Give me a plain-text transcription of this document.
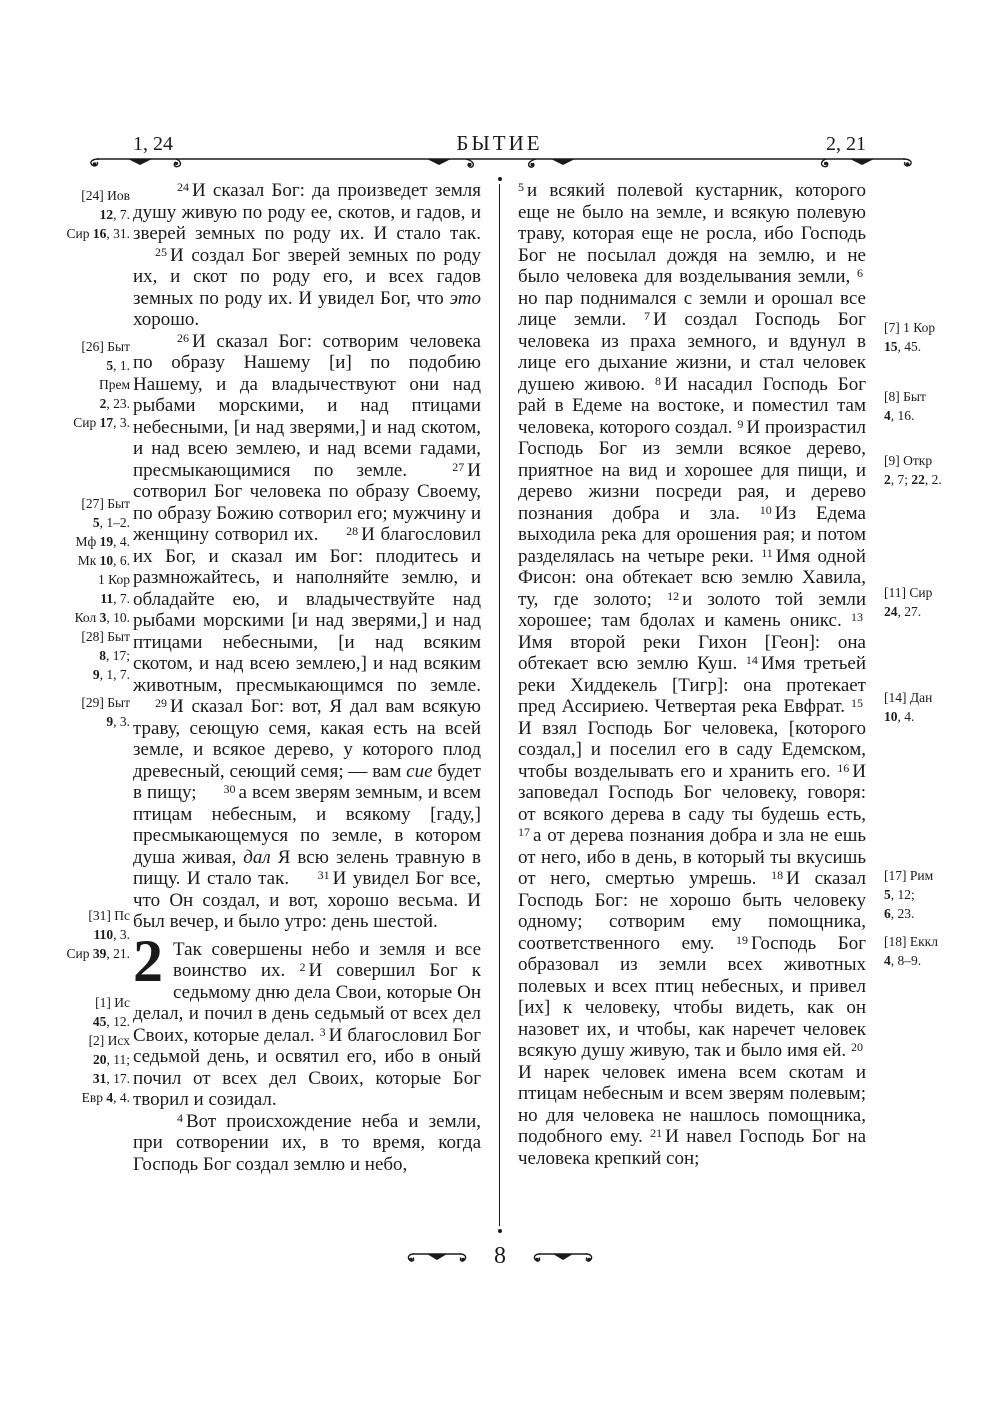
1, 24	БЫТИЕ	2, 21
[24] Иов
12, 7.
Сир 16, 31.
[26] Быт
5, 1.
Прем
2, 23.
Сир 17, 3.
[27] Быт
5, 1–2.
Мф 19, 4.
Мк 10, 6.
1 Кор
11, 7.
Кол 3, 10.
[28] Быт
8, 17;
9, 1, 7.
[29] Быт
9, 3.
[31] Пс
110, 3.
Сир 39, 21.
[1] Ис
45, 12.
[2] Исх
20, 11;
31, 17.
Евр 4, 4.

24 И сказал Бог: да произведет земля душу живую по роду ее, скотов, и гадов, и зверей земных по роду их. И стало так. 25 И создал Бог зверей земных по роду их, и скот по роду его, и всех гадов земных по роду их. И увидел Бог, что это хорошо.

26 И сказал Бог: сотворим человека по образу Нашему [и] по подобию Нашему, и да владычествуют они над рыбами морскими, и над птицами небесными, [и над зверями,] и над скотом, и над всею землею, и над всеми гадами, пресмыкающимися по земле. 27 И сотворил Бог человека по образу Своему, по образу Божию сотворил его; мужчину и женщину сотворил их. 28 И благословил их Бог, и сказал им Бог: плодитесь и размножайтесь, и наполняйте землю, и обладайте ею, и владычествуйте над рыбами морскими [и над зверями,] и над птицами небесными, [и над всяким скотом, и над всею землею,] и над всяким животным, пресмыкающимся по земле. 29 И сказал Бог: вот, Я дал вам всякую траву, сеющую семя, какая есть на всей земле, и всякое дерево, у которого плод древесный, сеющий семя; — вам сие будет в пищу; 30 а всем зверям земным, и всем птицам небесным, и всякому [гаду,] пресмыкающемуся по земле, в котором душа живая, дал Я всю зелень травную в пищу. И стало так. 31 И увидел Бог все, что Он создал, и вот, хорошо весьма. И был вечер, и было утро: день шестой.

2 Так совершены небо и земля и все воинство их. 2 И совершил Бог к седьмому дню дела Свои, которые Он делал, и почил в день седьмый от всех дел Своих, которые делал. 3 И благословил Бог седьмой день, и освятил его, ибо в оный почил от всех дел Своих, которые Бог творил и созидал.

4 Вот происхождение неба и земли, при сотворении их, в то время, когда Господь Бог создал землю и небо,

5 и всякий полевой кустарник, которого еще не было на земле, и всякую полевую траву, которая еще не росла, ибо Господь Бог не посылал дождя на землю, и не было человека для возделывания земли, 6но пар поднимался с земли и орошал все лице земли. 7 И создал Господь Бог человека из праха земного, и вдунул в лице его дыхание жизни, и стал человек душею живою. 8 И насадил Господь Бог рай в Едеме на востоке, и поместил там человека, которого создал. 9 И произрастил Господь Бог из земли всякое дерево, приятное на вид и хорошее для пищи, и дерево жизни посреди рая, и дерево познания добра и зла. 10 Из Едема выходила река для орошения рая; и потом разделялась на четыре реки. 11 Имя одной Фисон: она обтекает всю землю Хавила, ту, где золото; 12 и золото той земли хорошее; там бдолах и камень оникс. 13Имя второй реки Гихон [Геон]: она обтекает всю землю Куш. 14 Имя третьей реки Хиддекель [Тигр]: она протекает пред Ассириею. Четвертая река Евфрат. 15И взял Господь Бог человека, [которого создал,] и поселил его в саду Едемском, чтобы возделывать его и хранить его. 16 И заповедал Господь Бог человеку, говоря: от всякого дерева в саду ты будешь есть, 17 а от дерева познания добра и зла не ешь от него, ибо в день, в который ты вкусишь от него, смертью умрешь. 18 И сказал Господь Бог: не хорошо быть человеку одному; сотворим ему помощника, соответственного ему. 19 Господь Бог образовал из земли всех животных полевых и всех птиц небесных, и привел [их] к человеку, чтобы видеть, как он назовет их, и чтобы, как наречет человек всякую душу живую, так и было имя ей. 20И нарек человек имена всем скотам и птицам небесным и всем зверям полевым; но для человека не нашлось помощника, подобного ему. 21 И навел Господь Бог на человека крепкий сон;

[7] 1 Кор
15, 45.
[8] Быт
4, 16.
[9] Откр
2, 7; 22, 2.
[11] Сир
24, 27.
[14] Дан
10, 4.
[17] Рим
5, 12;
6, 23.
[18] Еккл
4, 8–9.
8
